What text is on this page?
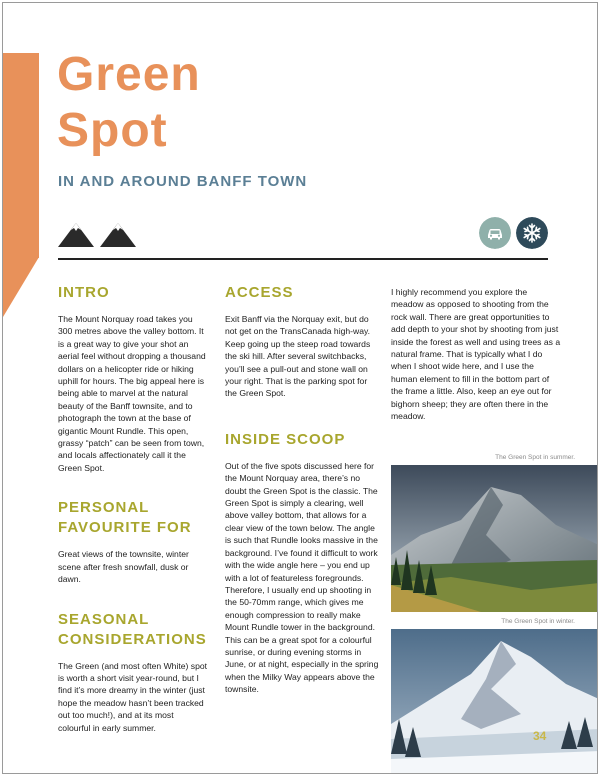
Green
Spot
IN AND AROUND BANFF TOWN
INTRO

The Mount Norquay road takes you 300 metres above the valley bottom. It is a great way to give your shot an aerial feel without dropping a thousand dollars on a helicopter ride or hiking uphill for hours. The big appeal here is being able to marvel at the natural beauty of the Banff townsite, and to photograph the town at the base of gigantic Mount Rundle. This open, grassy “patch” can be seen from town, and locals affectionately call it the Green Spot.

PERSONAL FAVOURITE FOR

Great views of the townsite, winter scene after fresh snowfall, dusk or dawn.

SEASONAL CONSIDERATIONS

The Green (and most often White) spot is worth a short visit year-round, but I find it’s more dreamy in the winter (just hope the meadow hasn’t been tracked out too much!), and at its most colourful in early summer.

ACCESS

Exit Banff via the Norquay exit, but do not get on the TransCanada high-way. Keep going up the steep road towards the ski hill. After several switchbacks, you’ll see a pull-out and stone wall on your right. That is the parking spot for the Green Spot.

INSIDE SCOOP

Out of the five spots discussed here for the Mount Norquay area, there’s no doubt the Green Spot is the classic. The Green Spot is simply a clearing, well above valley bottom, that allows for a clear view of the town below. The angle is such that Rundle looks massive in the background. I’ve found it difficult to work with the wide angle here – you end up with a lot of featureless foregrounds. Therefore, I usually end up shooting in the 50-70mm range, which gives me enough compression to really make Mount Rundle tower in the background. This can be a great spot for a colourful sunrise, or during evening storms in June, or at night, especially in the spring when the Milky Way appears above the townsite.

I highly recommend you explore the meadow as opposed to shooting from the rock wall. There are great opportunities to add depth to your shot by shooting from just inside the forest as well and using trees as a natural frame. That is typically what I do when I shoot wide here, and I use the human element to fill in the bottom part of the frame a little. Also, keep an eye out for bighorn sheep; they are often there in the meadow.

The Green Spot in summer.
The Green Spot in winter.
34
